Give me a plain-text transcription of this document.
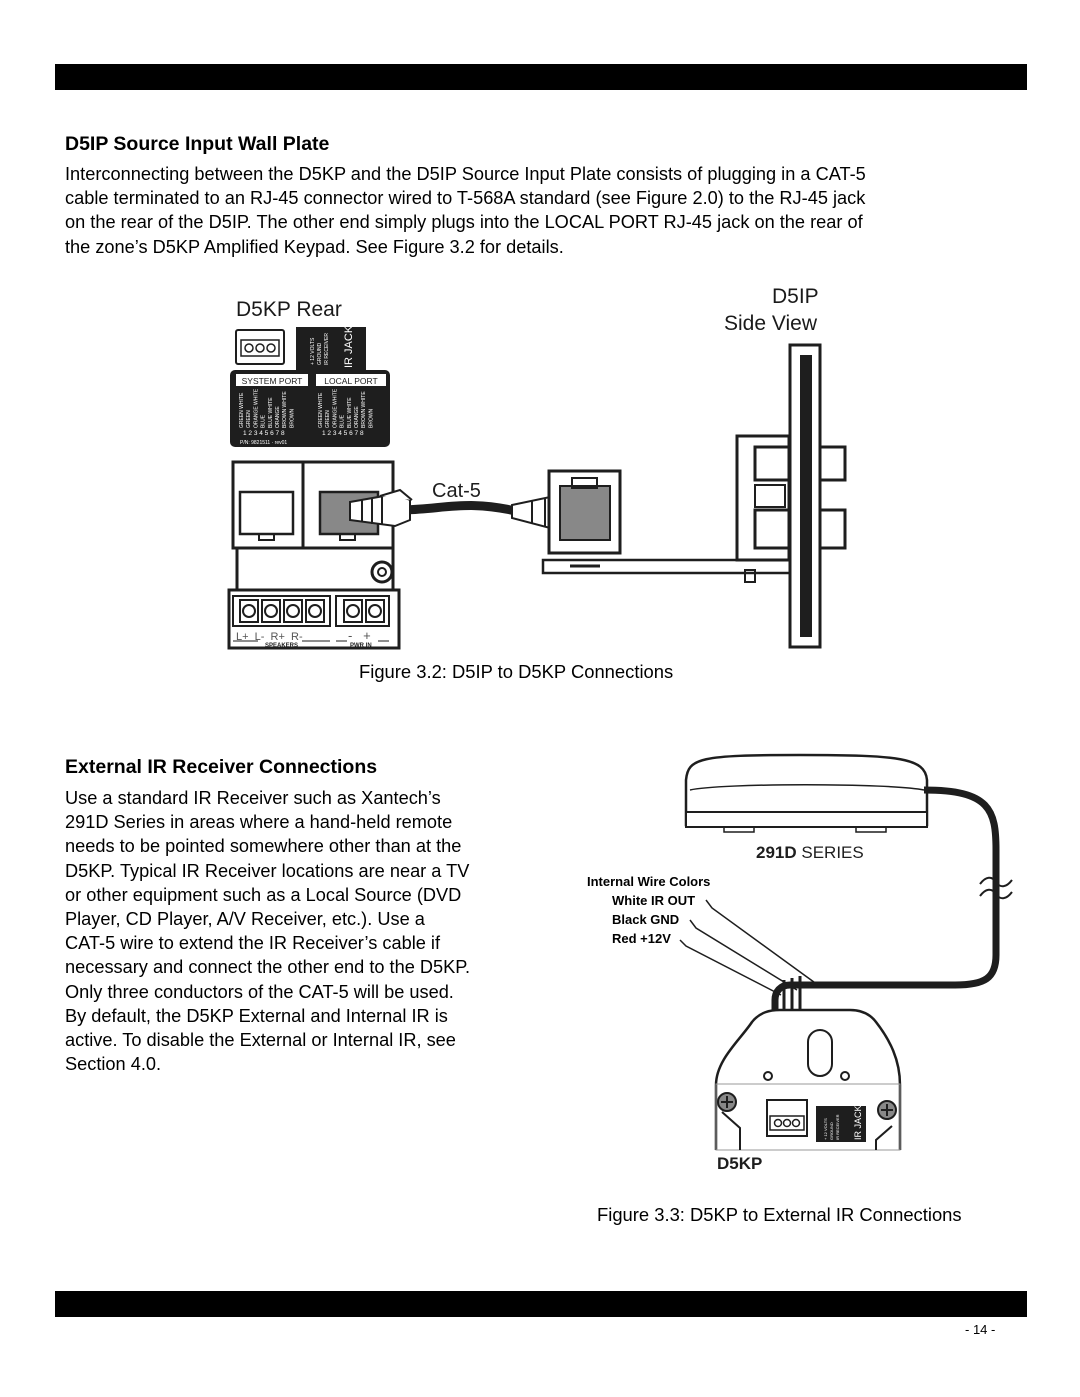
D5IP Source Input Wall Plate
Interconnecting between the D5KP and the D5IP Source Input Plate consists of plugging in a CAT-5
cable terminated to an RJ-45 connector wired to T-568A standard (see Figure 2.0) to the RJ-45 jack
on the rear of the D5IP. The other end simply plugs into the LOCAL PORT RJ-45 jack on the rear of
the zone’s D5KP Amplified Keypad. See Figure 3.2 for details.
D5KP Rear
D5IP
Side View
+ 12 VOLTS GROUND IR RECEIVER IR JACK
SYSTEM PORT	LOCAL PORT
GREEN WHITE GREEN ORANGE WHITE BLUE BLUE WHITE ORANGE BROWN WHITE BROWN	GREEN WHITE GREEN ORANGE WHITE BLUE BLUE WHITE ORANGE BROWN WHITE BROWN
1 2 3 4 5 6 7 8	1 2 3 4 5 6 7 8
P/N: 9821511 · rev01
L+  L-  R+  R-
SPEAKERS
-   +
PWR IN
Cat-5
Figure 3.2: D5IP to D5KP Connections
External IR Receiver Connections
Use a standard IR Receiver such as Xantech’s
291D Series in areas where a hand-held remote
needs to be pointed somewhere other than at the
D5KP. Typical IR Receiver locations are near a TV
or other equipment such as a Local Source (DVD
Player, CD Player, A/V Receiver, etc.). Use a
CAT-5 wire to extend the IR Receiver’s cable if
necessary and connect the other end to the D5KP.
Only three conductors of the CAT-5 will be used.
By default, the D5KP External and Internal IR is
active. To disable the External or Internal IR, see
Section 4.0.
291D SERIES
Internal Wire Colors
White IR OUT
Black GND
Red +12V
+ 12 VOLTS GROUND IR RECEIVER IR JACK
D5KP
Figure 3.3: D5KP to External IR Connections
- 14 -
